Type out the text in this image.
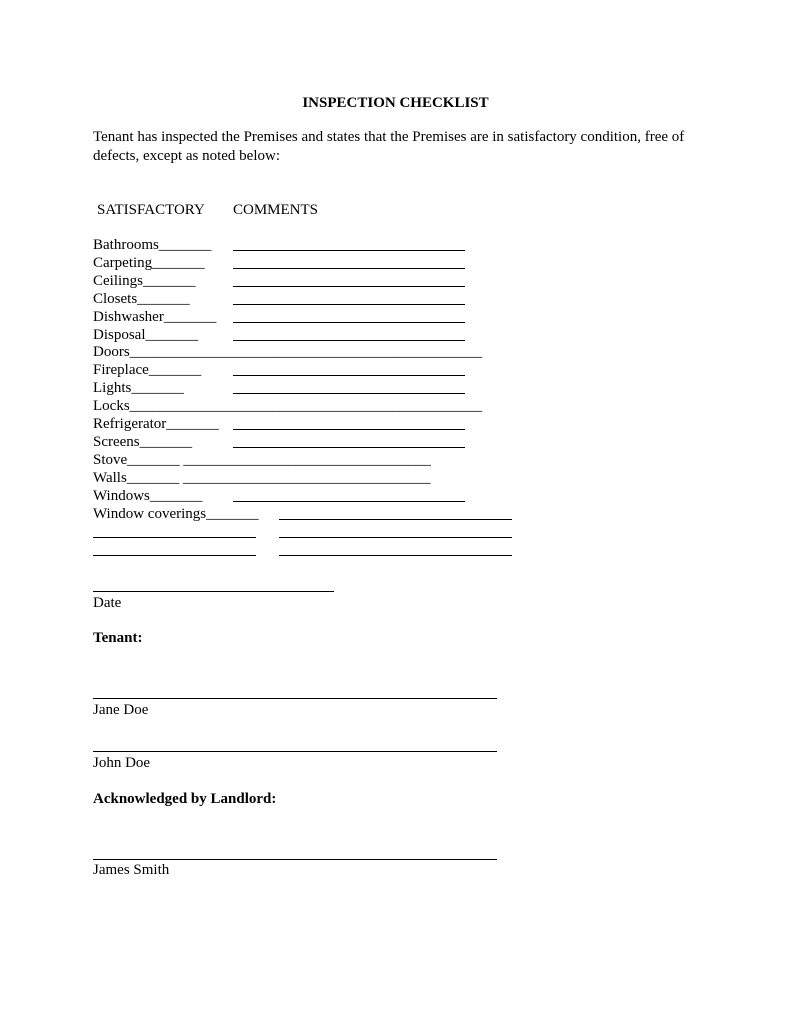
INSPECTION CHECKLIST
Tenant has inspected the Premises and states that the Premises are in satisfactory condition, free of defects, except as noted below:
SATISFACTORY COMMENTS
Bathrooms_______
Carpeting_______
Ceilings_______
Closets_______
Dishwasher_______
Disposal_______
Doors_______________________________________________
Fireplace_______
Lights_______
Locks_______________________________________________
Refrigerator_______
Screens_______
Stove_______ _________________________________
Walls_______ _________________________________
Windows_______
Window coverings_______
Date
Tenant:
Jane Doe
John Doe
Acknowledged by Landlord:
James Smith
